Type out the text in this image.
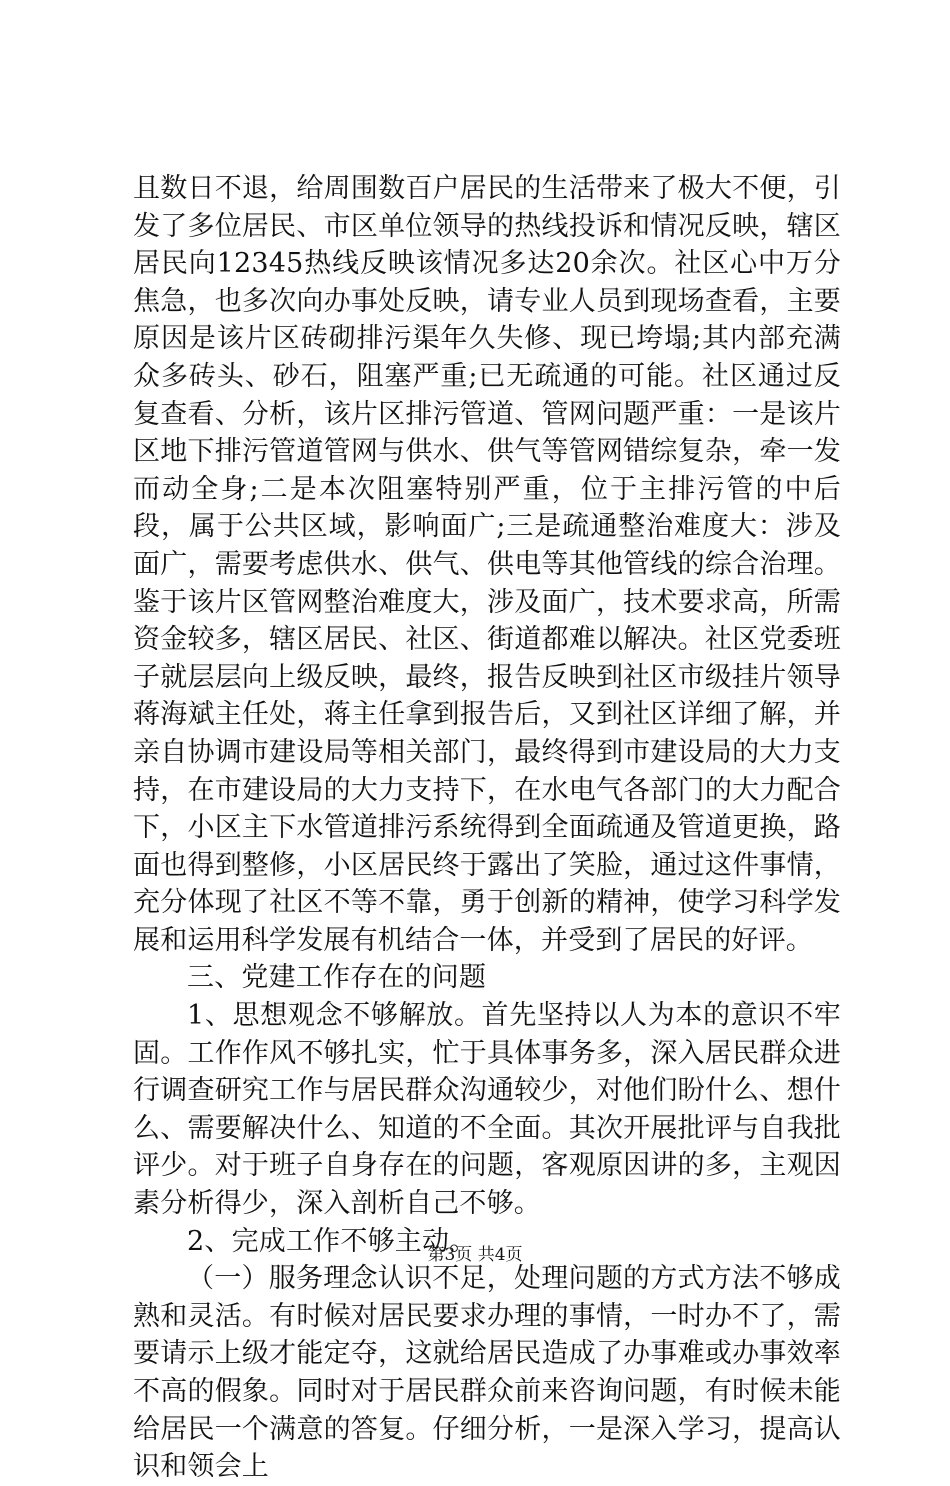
且数日不退，给周围数百户居民的生活带来了极大不便，引发了多位居民、市区单位领导的热线投诉和情况反映，辖区居民向12345热线反映该情况多达20余次。社区心中万分焦急，也多次向办事处反映，请专业人员到现场查看，主要原因是该片区砖砌排污渠年久失修、现已垮塌;其内部充满众多砖头、砂石，阻塞严重;已无疏通的可能。社区通过反复查看、分析，该片区排污管道、管网问题严重：一是该片区地下排污管道管网与供水、供气等管网错综复杂，牵一发而动全身;二是本次阻塞特别严重，位于主排污管的中后段，属于公共区域，影响面广;三是疏通整治难度大：涉及面广，需要考虑供水、供气、供电等其他管线的综合治理。鉴于该片区管网整治难度大，涉及面广，技术要求高，所需资金较多，辖区居民、社区、街道都难以解决。社区党委班子就层层向上级反映，最终，报告反映到社区市级挂片领导蒋海斌主任处，蒋主任拿到报告后，又到社区详细了解，并亲自协调市建设局等相关部门，最终得到市建设局的大力支持，在市建设局的大力支持下，在水电气各部门的大力配合下，小区主下水管道排污系统得到全面疏通及管道更换，路面也得到整修，小区居民终于露出了笑脸，通过这件事情，充分体现了社区不等不靠，勇于创新的精神，使学习科学发展和运用科学发展有机结合一体，并受到了居民的好评。

三、党建工作存在的问题

1、思想观念不够解放。首先坚持以人为本的意识不牢固。工作作风不够扎实，忙于具体事务多，深入居民群众进行调查研究工作与居民群众沟通较少，对他们盼什么、想什么、需要解决什么、知道的不全面。其次开展批评与自我批评少。对于班子自身存在的问题，客观原因讲的多，主观因素分析得少，深入剖析自己不够。

2、完成工作不够主动。

（一）服务理念认识不足，处理问题的方式方法不够成熟和灵活。有时候对居民要求办理的事情，一时办不了，需要请示上级才能定夺，这就给居民造成了办事难或办事效率不高的假象。同时对于居民群众前来咨询问题，有时候未能给居民一个满意的答复。仔细分析，一是深入学习，提高认识和领会上

第3页 共4页
